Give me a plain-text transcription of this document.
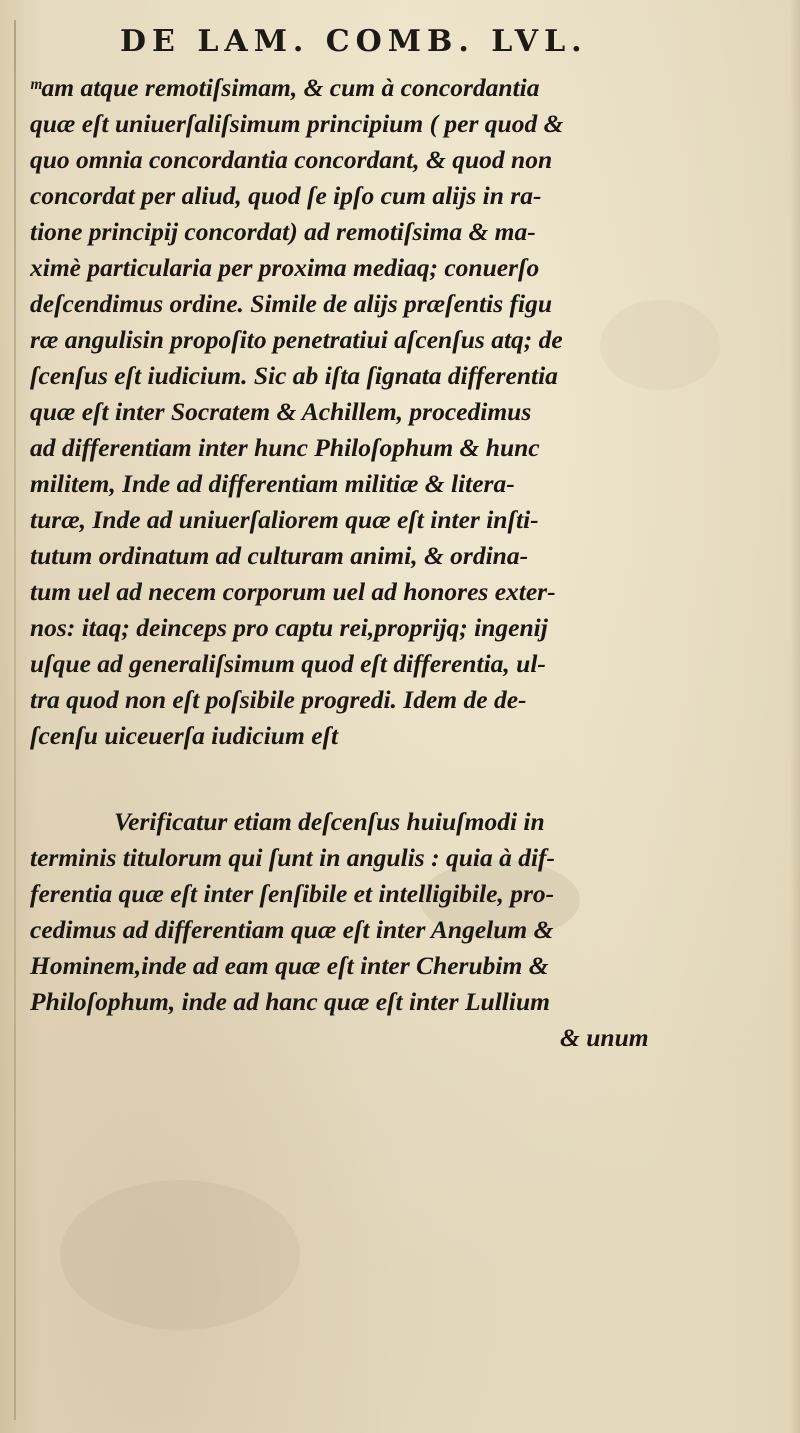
DE LAM. COMB. LVL.
ᵐam atque remotiſsimam, & cum à concordantia
quæ eſt uniuerſaliſsimum principium ( per quod &
quo omnia concordantia concordant, & quod non
concordat per aliud, quod ſe ipſo cum alijs in ra-
tione principij concordat) ad remotiſsima & ma-
ximè particularia per proxima mediaq; conuerſo
deſcendimus ordine. Simile de alijs præſentis figu
ræ angulisin propoſito penetratiui aſcenſus atq; de
ſcenſus eſt iudicium. Sic ab iſta ſignata differentia
quæ eſt inter Socratem & Achillem, procedimus
ad differentiam inter hunc Philoſophum & hunc
militem, Inde ad differentiam militiæ & litera-
turæ, Inde ad uniuerſaliorem quæ eſt inter inſti-
tutum ordinatum ad culturam animi, & ordina-
tum uel ad necem corporum uel ad honores exter-
nos: itaq; deinceps pro captu rei,proprijq; ingenij
uſque ad generaliſsimum quod eſt differentia, ul-
tra quod non eſt poſsibile progredi. Idem de de-
ſcenſu uiceuerſa iudicium eſt
Verificatur etiam deſcenſus huiuſmodi in
terminis titulorum qui ſunt in angulis : quia à dif-
ferentia quæ eſt inter ſenſibile et intelligibile, pro-
cedimus ad differentiam quæ eſt inter Angelum &
Hominem,inde ad eam quæ eſt inter Cherubim &
Philoſophum, inde ad hanc quæ eſt inter Lullium
& unum
